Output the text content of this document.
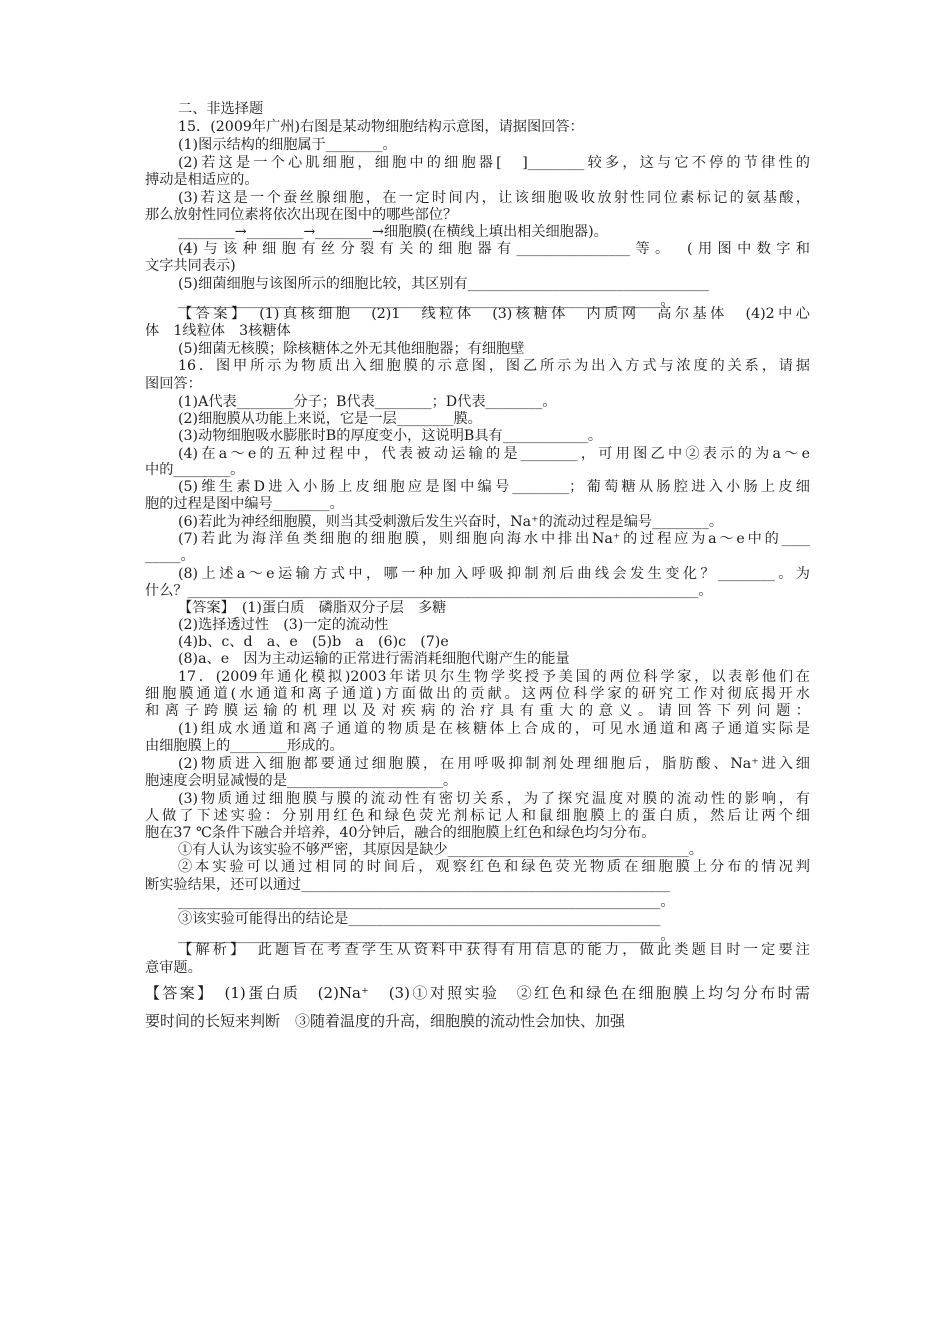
二、非选择题

15．(2009年广州)右图是某动物细胞结构示意图，请据图回答：

(1)图示结构的细胞属于________。

(2)若这是一个心肌细胞，细胞中的细胞器[　]________较多，这与它不停的节律性的

搏动是相适应的。

(3)若这是一个蚕丝腺细胞，在一定时间内，让该细胞吸收放射性同位素标记的氨基酸，

那么放射性同位素将依次出现在图中的哪些部位？

________→________→________→细胞膜(在横线上填出相关细胞器)。

(4)与该种细胞有丝分裂有关的细胞器有________________等。　(用图中数字和

文字共同表示)

(5)细菌细胞与该图所示的细胞比较，其区别有__________________________________

____________________________________________________________________。

【答案】　(1)真核细胞　(2)1　线粒体　(3)核糖体　内质网　高尔基体　(4)2中心

体　1线粒体　3核糖体

(5)细菌无核膜；除核糖体之外无其他细胞器；有细胞壁

16．图甲所示为物质出入细胞膜的示意图，图乙所示为出入方式与浓度的关系，请据

图回答：

(1)A代表________分子；B代表________；D代表________。

(2)细胞膜从功能上来说，它是一层________膜。

(3)动物细胞吸水膨胀时B的厚度变小，这说明B具有____________。

(4)在a～e的五种过程中，代表被动运输的是________，可用图乙中②表示的为a～e

中的________。

(5)维生素D进入小肠上皮细胞应是图中编号________；葡萄糖从肠腔进入小肠上皮细

胞的过程是图中编号________。

(6)若此为神经细胞膜，则当其受刺激后发生兴奋时，Na⁺的流动过程是编号________。

(7)若此为海洋鱼类细胞的细胞膜，则细胞向海水中排出Na⁺的过程应为a～e中的____

_____。

(8)上述a～e运输方式中，哪一种加入呼吸抑制剂后曲线会发生变化？________。为

什么？________________________________________________________________________。

【答案】　(1)蛋白质　磷脂双分子层　多糖

(2)选择透过性　(3)一定的流动性

(4)b、c、d　a、e　(5)b　a　(6)c　(7)e

(8)a、e　因为主动运输的正常进行需消耗细胞代谢产生的能量

17．(2009年通化模拟)2003年诺贝尔生物学奖授予美国的两位科学家，以表彰他们在

细胞膜通道(水通道和离子通道)方面做出的贡献。这两位科学家的研究工作对彻底揭开水

和离子跨膜运输的机理以及对疾病的治疗具有重大的意义。请回答下列问题：

(1)组成水通道和离子通道的物质是在核糖体上合成的，可见水通道和离子通道实际是

由细胞膜上的________形成的。

(2)物质进入细胞都要通过细胞膜，在用呼吸抑制剂处理细胞后，脂肪酸、Na⁺进入细

胞速度会明显减慢的是______________________。

(3)物质通过细胞膜与膜的流动性有密切关系，为了探究温度对膜的流动性的影响，有

人做了下述实验：分别用红色和绿色荧光剂标记人和鼠细胞膜上的蛋白质，然后让两个细

胞在37 ℃条件下融合并培养，40分钟后，融合的细胞膜上红色和绿色均匀分布。

①有人认为该实验不够严密，其原因是缺少__________________________________。

②本实验可以通过相同的时间后，观察红色和绿色荧光物质在细胞膜上分布的情况判

断实验结果，还可以通过____________________________________________________

____________________________________________________________________。

③该实验可能得出的结论是____________________________________________

____________________________________________________________________。

【解析】　此题旨在考查学生从资料中获得有用信息的能力，做此类题目时一定要注

意审题。

【答案】　(1)蛋白质　(2)Na⁺　(3)①对照实验　②红色和绿色在细胞膜上均匀分布时需

要时间的长短来判断　③随着温度的升高，细胞膜的流动性会加快、加强
